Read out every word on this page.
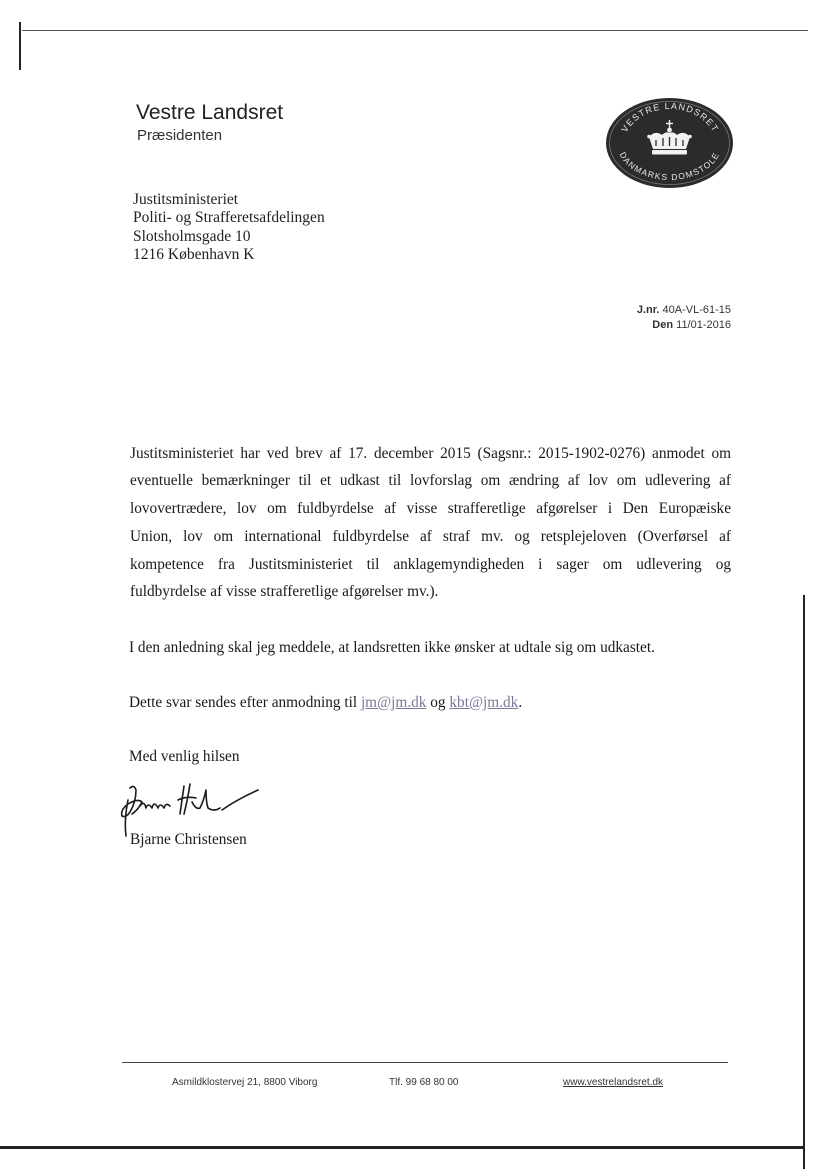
Vestre Landsret
Præsidenten	VESTRE LANDSRET
DANMARKS DOMSTOLE
Justitsministeriet
Politi- og Strafferetsafdelingen
Slotsholmsgade 10
1216 København K
J.nr. 40A-VL-61-15
Den 11/01-2016
Justitsministeriet har ved brev af 17. december 2015 (Sagsnr.: 2015-1902-0276) anmodet om
eventuelle bemærkninger til et udkast til lovforslag om ændring af lov om udlevering af
lovovertrædere, lov om fuldbyrdelse af visse strafferetlige afgørelser i Den Europæiske
Union, lov om international fuldbyrdelse af straf mv. og retsplejeloven (Overførsel af
kompetence fra Justitsministeriet til anklagemyndigheden i sager om udlevering og
fuldbyrdelse af visse strafferetlige afgørelser mv.).
I den anledning skal jeg meddele, at landsretten ikke ønsker at udtale sig om udkastet.
Dette svar sendes efter anmodning til jm@jm.dk og kbt@jm.dk.
Med venlig hilsen
Bjarne Christensen
Asmildklostervej 21, 8800 Viborg	Tlf. 99 68 80 00	www.vestrelandsret.dk
